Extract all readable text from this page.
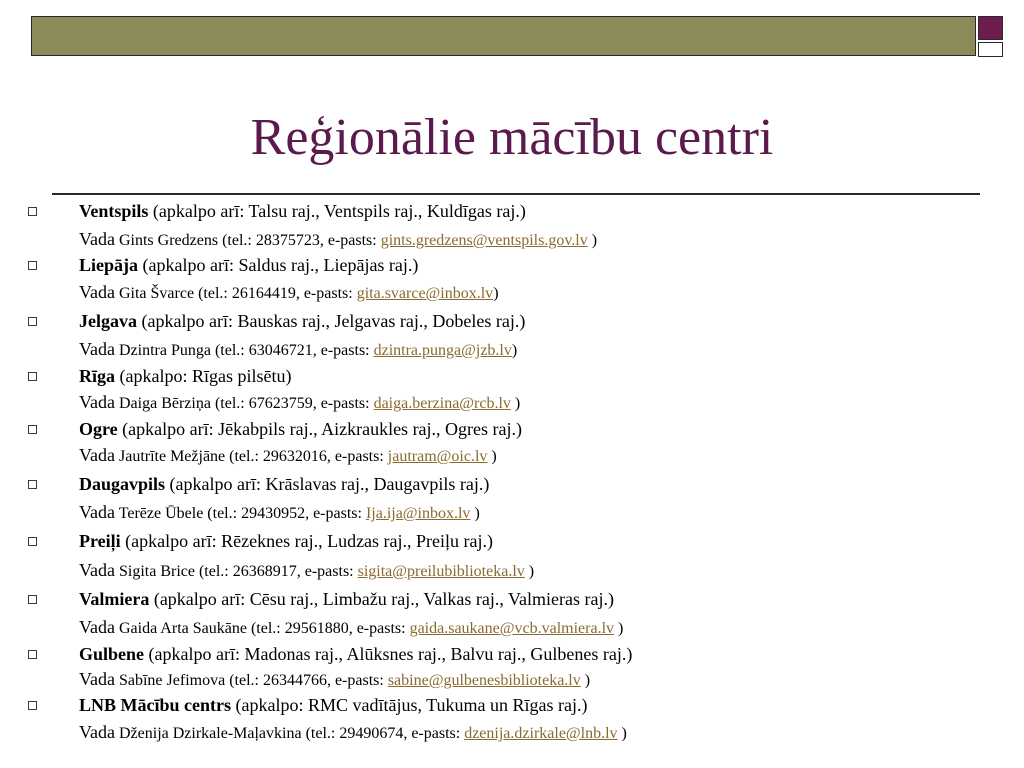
Reģionālie mācību centri
Ventspils (apkalpo arī: Talsu raj., Ventspils raj., Kuldīgas raj.)
Vada Gints Gredzens (tel.: 28375723, e-pasts: gints.gredzens@ventspils.gov.lv )
Liepāja (apkalpo arī: Saldus raj., Liepājas raj.)
Vada Gita Švarce (tel.: 26164419, e-pasts: gita.svarce@inbox.lv)
Jelgava (apkalpo arī: Bauskas raj., Jelgavas raj., Dobeles raj.)
Vada Dzintra Punga (tel.: 63046721, e-pasts: dzintra.punga@jzb.lv)
Rīga (apkalpo: Rīgas pilsētu)
Vada Daiga Bērziņa (tel.: 67623759, e-pasts: daiga.berzina@rcb.lv )
Ogre (apkalpo arī: Jēkabpils raj., Aizkraukles raj., Ogres raj.)
Vada Jautrīte Mežjāne (tel.: 29632016, e-pasts: jautram@oic.lv )
Daugavpils (apkalpo arī: Krāslavas raj., Daugavpils raj.)
Vada Terēze Ūbele (tel.: 29430952, e-pasts: Ija.ija@inbox.lv )
Preiļi (apkalpo arī: Rēzeknes raj., Ludzas raj., Preiļu raj.)
Vada Sigita Brice (tel.: 26368917, e-pasts: sigita@preilubiblioteka.lv )
Valmiera (apkalpo arī: Cēsu raj., Limbažu raj., Valkas raj., Valmieras raj.)
Vada Gaida Arta Saukāne (tel.: 29561880, e-pasts: gaida.saukane@vcb.valmiera.lv )
Gulbene (apkalpo arī: Madonas raj., Alūksnes raj., Balvu raj., Gulbenes raj.)
Vada Sabīne Jefimova (tel.: 26344766, e-pasts: sabine@gulbenesbiblioteka.lv )
LNB Mācību centrs (apkalpo: RMC vadītājus, Tukuma un Rīgas raj.)
Vada Dženija Dzirkale-Maļavkina (tel.: 29490674, e-pasts: dzenija.dzirkale@lnb.lv )
